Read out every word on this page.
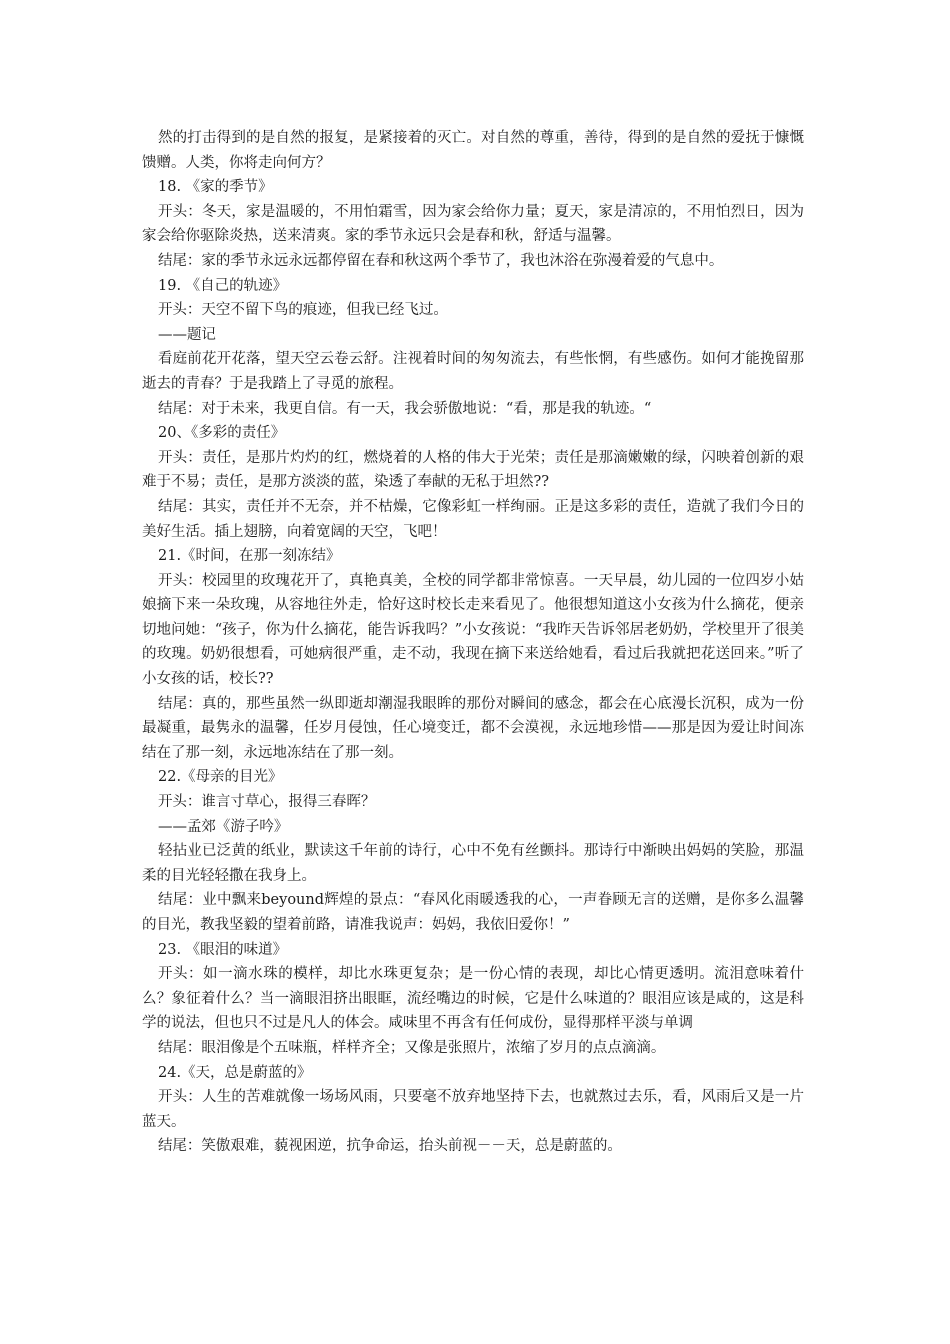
然的打击得到的是自然的报复，是紧接着的灭亡。对自然的尊重，善待，得到的是自然的爱抚于慷慨馈赠。人类，你将走向何方？

18. 《家的季节》

开头：冬天，家是温暖的，不用怕霜雪，因为家会给你力量；夏天，家是清凉的，不用怕烈日，因为家会给你驱除炎热，送来清爽。家的季节永远只会是春和秋，舒适与温馨。

结尾：家的季节永远永远都停留在春和秋这两个季节了，我也沐浴在弥漫着爱的气息中。

19. 《自己的轨迹》

开头：天空不留下鸟的痕迹，但我已经飞过。

——题记

看庭前花开花落，望天空云卷云舒。注视着时间的匆匆流去，有些怅惘，有些感伤。如何才能挽留那逝去的青春？于是我踏上了寻觅的旅程。

结尾：对于未来，我更自信。有一天，我会骄傲地说：“看，那是我的轨迹。“

20、《多彩的责任》

开头：责任，是那片灼灼的红，燃烧着的人格的伟大于光荣；责任是那滴嫩嫩的绿，闪映着创新的艰难于不易；责任，是那方淡淡的蓝，染透了奉献的无私于坦然??

结尾：其实，责任并不无奈，并不枯燥，它像彩虹一样绚丽。正是这多彩的责任，造就了我们今日的美好生活。插上翅膀，向着宽阔的天空，飞吧！

21.《时间，在那一刻冻结》

开头：校园里的玫瑰花开了，真艳真美，全校的同学都非常惊喜。一天早晨，幼儿园的一位四岁小姑娘摘下来一朵玫瑰，从容地往外走，恰好这时校长走来看见了。他很想知道这小女孩为什么摘花，便亲切地问她：“孩子，你为什么摘花，能告诉我吗？”小女孩说：“我昨天告诉邻居老奶奶，学校里开了很美的玫瑰。奶奶很想看，可她病很严重，走不动，我现在摘下来送给她看，看过后我就把花送回来。”听了小女孩的话，校长??

结尾：真的，那些虽然一纵即逝却潮湿我眼眸的那份对瞬间的感念，都会在心底漫长沉积，成为一份最凝重，最隽永的温馨，任岁月侵蚀，任心境变迁，都不会漠视，永远地珍惜——那是因为爱让时间冻结在了那一刻，永远地冻结在了那一刻。

22.《母亲的目光》

开头：谁言寸草心，报得三春晖？

——孟郊《游子吟》

轻拈业已泛黄的纸业，默读这千年前的诗行，心中不免有丝颤抖。那诗行中渐映出妈妈的笑脸，那温柔的目光轻轻撒在我身上。

结尾：业中飘来beyound辉煌的景点：“春风化雨暖透我的心，一声眷顾无言的送赠，是你多么温馨的目光，教我坚毅的望着前路，请准我说声：妈妈，我依旧爱你！”

23. 《眼泪的味道》

开头：如一滴水珠的模样，却比水珠更复杂；是一份心情的表现，却比心情更透明。流泪意味着什么？象征着什么？当一滴眼泪挤出眼眶，流经嘴边的时候，它是什么味道的？眼泪应该是咸的，这是科学的说法，但也只不过是凡人的体会。咸味里不再含有任何成份，显得那样平淡与单调

结尾：眼泪像是个五味瓶，样样齐全；又像是张照片，浓缩了岁月的点点滴滴。

24.《天，总是蔚蓝的》

开头：人生的苦难就像一场场风雨，只要毫不放弃地坚持下去，也就熬过去乐，看，风雨后又是一片蓝天。

结尾：笑傲艰难，藐视困逆，抗争命运，抬头前视－－天，总是蔚蓝的。
